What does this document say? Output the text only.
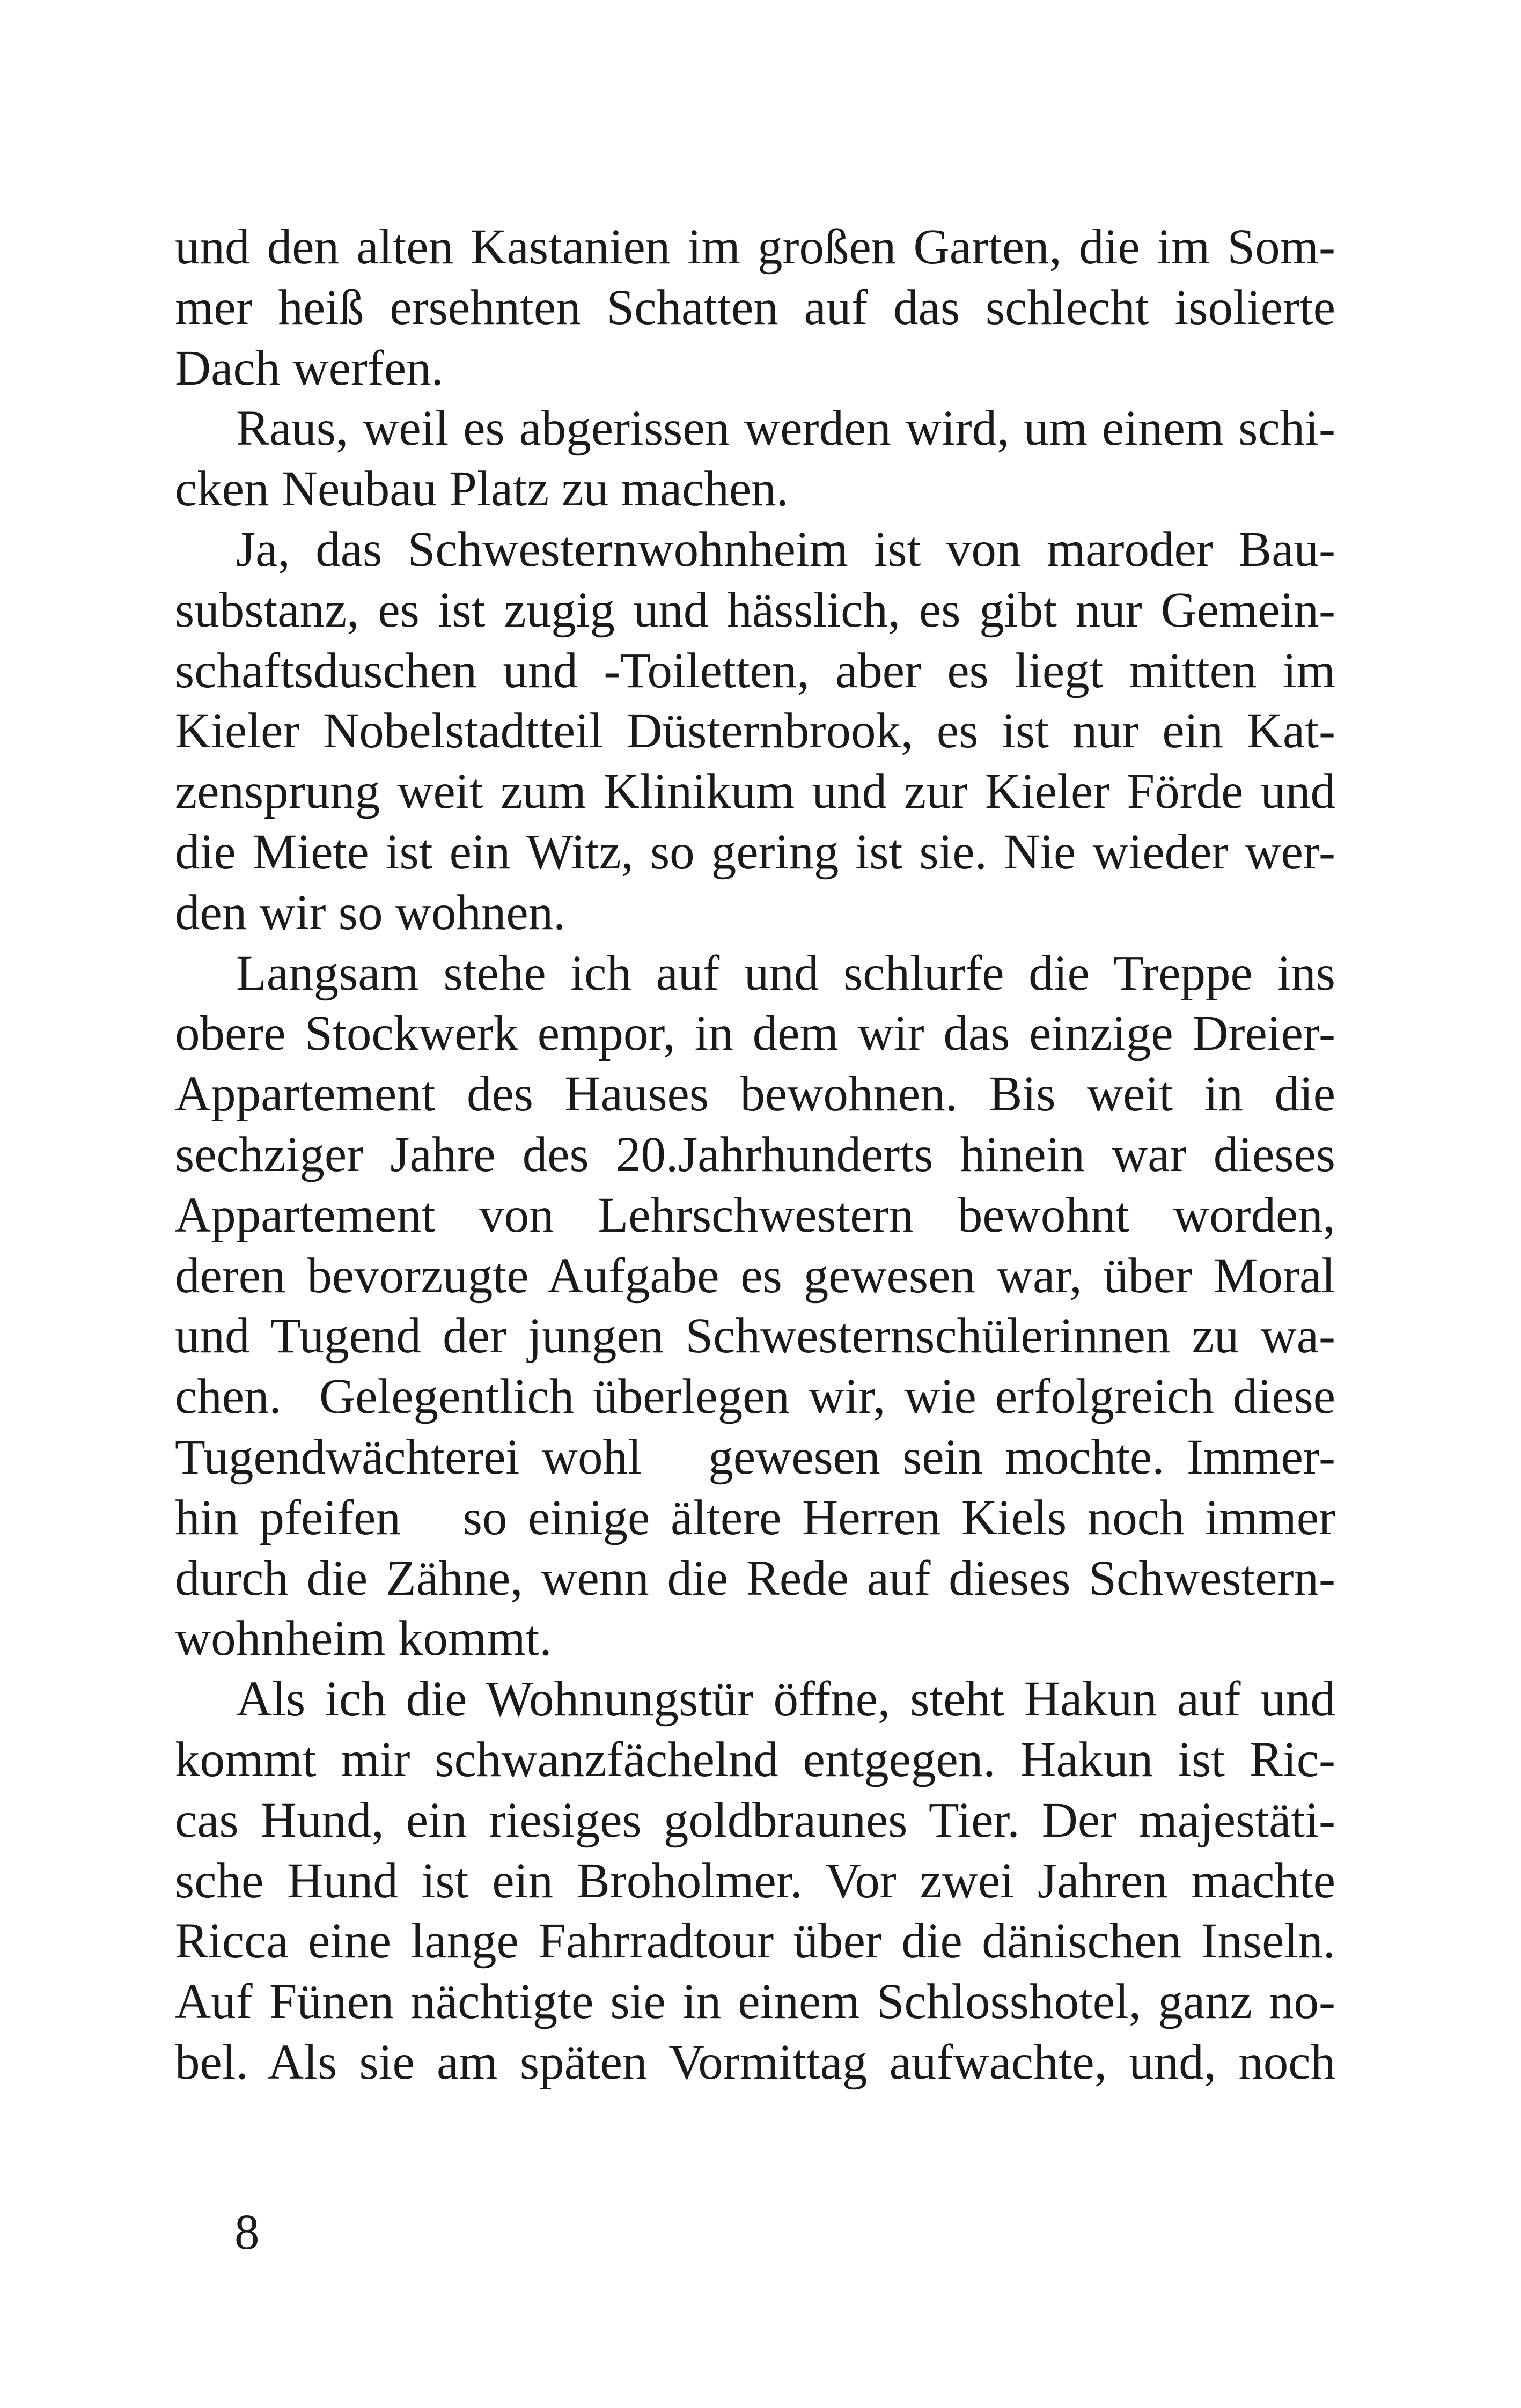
und den alten Kastanien im großen Garten, die im Som-
mer heiß ersehnten Schatten auf das schlecht isolierte
Dach werfen.
Raus, weil es abgerissen werden wird, um einem schi-
cken Neubau Platz zu machen.
Ja, das Schwesternwohnheim ist von maroder Bau-
substanz, es ist zugig und hässlich, es gibt nur Gemein-
schaftsduschen und -Toiletten, aber es liegt mitten im
Kieler Nobelstadtteil Düsternbrook, es ist nur ein Kat-
zensprung weit zum Klinikum und zur Kieler Förde und
die Miete ist ein Witz, so gering ist sie. Nie wieder wer-
den wir so wohnen.
Langsam stehe ich auf und schlurfe die Treppe ins
obere Stockwerk empor, in dem wir das einzige Dreier-
Appartement des Hauses bewohnen. Bis weit in die
sechziger Jahre des 20.Jahrhunderts hinein war dieses
Appartement von Lehrschwestern bewohnt worden,
deren bevorzugte Aufgabe es gewesen war, über Moral
und Tugend der jungen Schwesternschülerinnen zu wa-
chen.  Gelegentlich überlegen wir, wie erfolgreich diese
Tugendwächterei wohl   gewesen sein mochte. Immer-
hin pfeifen   so einige ältere Herren Kiels noch immer
durch die Zähne, wenn die Rede auf dieses Schwestern-
wohnheim kommt.
Als ich die Wohnungstür öffne, steht Hakun auf und
kommt mir schwanzfächelnd entgegen. Hakun ist Ric-
cas Hund, ein riesiges goldbraunes Tier. Der majestäti-
sche Hund ist ein Broholmer. Vor zwei Jahren machte
Ricca eine lange Fahrradtour über die dänischen Inseln.
Auf Fünen nächtigte sie in einem Schlosshotel, ganz no-
bel. Als sie am späten Vormittag aufwachte, und, noch
8
